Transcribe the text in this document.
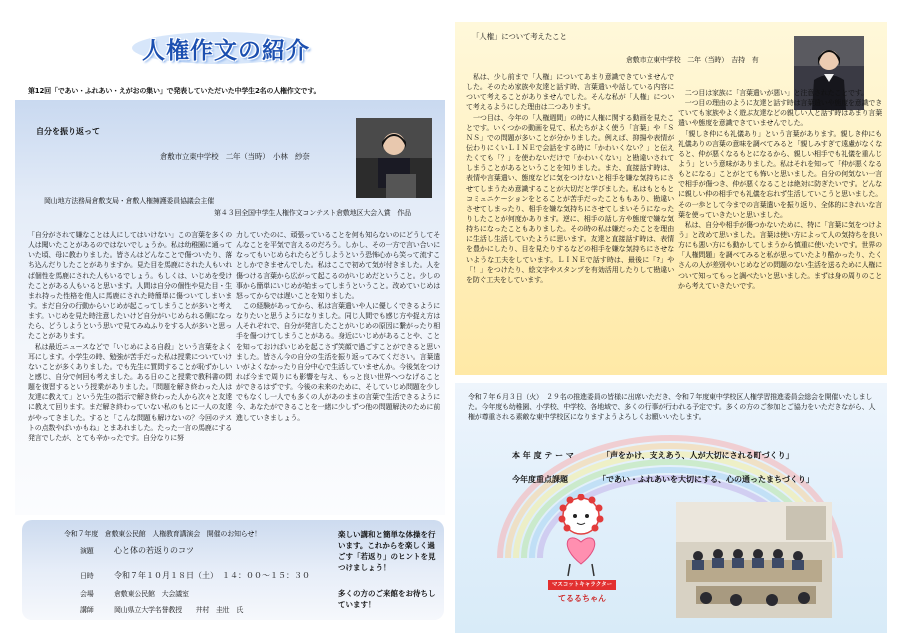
人権作文の紹介
第12回「であい・ふれあい・えがおの集い」で発表していただいた中学生2名の人権作文です。
自分を振り返って
倉敷市立東中学校　二年（当時）　小林　紗奈
岡山地方法務局倉敷支局・倉敷人権擁護委員協議会主催
第４３回全国中学生人権作文コンテスト倉敷地区大会入賞　作品
「自分がされて嫌なことは人にしてはいけない」この言葉を多くの人は聞いたことがあるのではないでしょうか。私は幼稚園に通っていた頃、母に教わりました。皆さんはどんなことで傷ついたり、落ち込んだりしたことがありますか。見た目を馬鹿にされた人もいれば個性を馬鹿にされた人もいるでしょう。もしくは、いじめを受けたことがある人もいると思います。人間は自分の個性や見た目・生まれ持った性格を他人に馬鹿にされた時簡単に傷ついてしまいます。まだ自分の行動からいじめが起こってしまうことが多いと考えます。いじめを見た時注意したいけど自分がいじめられる側になったら、どうしようという思いで見てみぬふりをする人が多いと思ったことがあります。
　私は最近ニュースなどで「いじめによる自殺」という言葉をよく耳にします。小学生の時、勉強が苦手だった私は授業についていけないことが多くありました。でも先生に質問することが恥ずかしいと感じ、自分で何回も考えました。ある日のこと授業で教科書の問題を復習するという授業がありました。「問題を解き終わった人は友達に教えて」という先生の指示で解き終わった人から次々と友達に教えて回ります。まだ解き終わっていない私のもとに一人の友達がやってきました。すると「こんな問題も解けないの？今回のテストの点数やばいかもね」とまあれました。たった一言の馬鹿にする発言でしたが、とても辛かったです。自分なりに努
力していたのに、頑張っていることを何も知らないのにどうしてそんなことを平気で言えるのだろう。しかし、その一方で言い合いになってもいじめられたらどうしようという恐怖心から笑って流すことしかできませんでした。私はここで初めて気が付きました。人を傷つける言葉から広がって起こるのがいじめだということ。少しの事から簡単にいじめが始まってしまうということ。改めていじめは怒ってからでは遅いことを知りました。
　この経験があってから、私は言葉遣いや人に優しくできるようになりたいと思うようになりました。同じ人間でも感じ方や捉え方は人それぞれで、自分が発言したことがいじめの原因に繋がったり相手を傷つけてしまうことがある。身近にいじめがあることや、ことを知っておけばいじめを起こさず笑顔で過ごすことができると思いました。皆さん今の自分の生活を振り返ってみてください。言葉遣いがよくなかったり自分中心で生活していませんか。今後気をつければ今まで周りにも影響を与え、もっと良い世界へつなげることができるはずです。今後の未来のために、そしていじめ問題を少しでもなくし一人でも多くの人があのままの言葉で生活できるように今、あなたができることを一緒に少しずつ他の問題解決のために前進していきましょう。
令和７年度　倉敷東公民館　人権教育講演会　開催のお知らせ！
演題	心と体の若返りのコツ
日時	令和７年１０月１８日（土）　１４：００～１５：３０
会場	倉敷東公民館　大会議室
講師	岡山県立大学名誉教授　　井村　圭壯　氏
楽しい講和と簡単な体操を行います。これからを楽しく過ごす「若返り」のヒントを見つけましょう！
多くの方のご来館をお待ちしています！
「人権」について考えたこと
倉敷市立東中学校　二年（当時）　吉持　有
　私は、少し前まで「人権」についてあまり意識できていませんでした。そのため家族や友達と話す時、言葉遣いや話している内容について考えることがありませんでした。そんな私が「人権」について考えるようにした理由は二つあります。
　一つ目は、今年の「人権週間」の時に人権に関する動画を見たことです。いくつかの動画を見て、私たちがよく使う「言葉」や「ＳＮＳ」での問題が多いことが分かりました。例えば、抑揚や表情が伝わりにくいＬＩＮＥで会話をする時に「かわいくない？」と伝えたくても「？」を使わないだけで「かわいくない」と勘違いされてしまうことがあるということを知りました。また、直接話す時は、表情や言葉遣い、態度などに気をつけないと相手を嫌な気持ちにさせてしまうため意識することが大切だと学びました。私はもともとコミュニケーションをとることが苦手だったことももあり、勘違いさせてしまったり、相手を嫌な気持ちにさせてしまいそうになったりしたことが何度かあります。逆に、相手の話し方や態度で嫌な気持ちになったこともありました。その時の私は嫌だったことを理由に生活し生活していたように思います。友達と直接話す時は、表情を豊かにしたり、目を見たりするなどの相手を嫌な気持ちにさせないような工夫をしています。ＬＩＮＥで話す時は、最後に「?」や「！」をつけたり、絵文字やスタンプを有効活用したりして勘違いを防ぐ工夫をしています。
　二つ目は家族に「言葉遣いが悪い」と注意されたことです。
　一つ目の理由のように友達と話す時は言葉遣いや態度を意識できていても家族やよく遊ぶ友達などの親しい人と話す時はあまり言葉遣いや態度を意識できていませんでした。
　「親しき仲にも礼儀あり」という言葉があります。親しき仲にも礼儀ありの言葉の意味を調べてみると「親しみすぎて遠慮がなくなると、仲が悪くなるもとになるから、親しい相手でも礼儀を重んじよう」という意味がありました。私はそれを知って「仲が悪くなるもとになる」ことがとても怖いと思いました。自分の何気ない一言で相手が傷つき、仲が悪くなることは絶対に防ぎたいです。どんなに親しい仲の相手でも礼儀を忘れず生活していこうと思いました。その一歩として今までの言葉遣いを振り返り、全体的にきれいな言葉を使っていきたいと思いました。
　私は、自分や相手が傷つかないために、特に「言葉に気をつけよう」と改めて思いました。言葉は使い方によって人の気持ちを良い方にも悪い方にも動かしてしまうから慎重に使いたいです。世界の「人権問題」を調べてみると私が思っていたより酷かったり、たくさんの人が差別やいじめなどの問題のない生活を送るために人権について知ってもっと調べたいと思いました。まずは身の周りのことから考えていきたいです。
令和７年６月３日（火）　２９名の推進委員の皆様に出席いただき、令和７年度東中学校区人権学習推進委員会総会を開催いたしました。今年度も幼稚園、小学校、中学校、各地域で、多くの行事が行われる予定です。多くの方のご参加とご協力をいただきながら、人権が尊重される素敵な東中学校区になりますようよろしくお願いいたします。
本 年 度 テ ー マ	「声をかけ、支えあう、人が大切にされる町づくり」
今年度重点課題	「であい・ふれあいを大切にする、心の通ったまちづくり」
マスコットキャラクター
てるるちゃん
